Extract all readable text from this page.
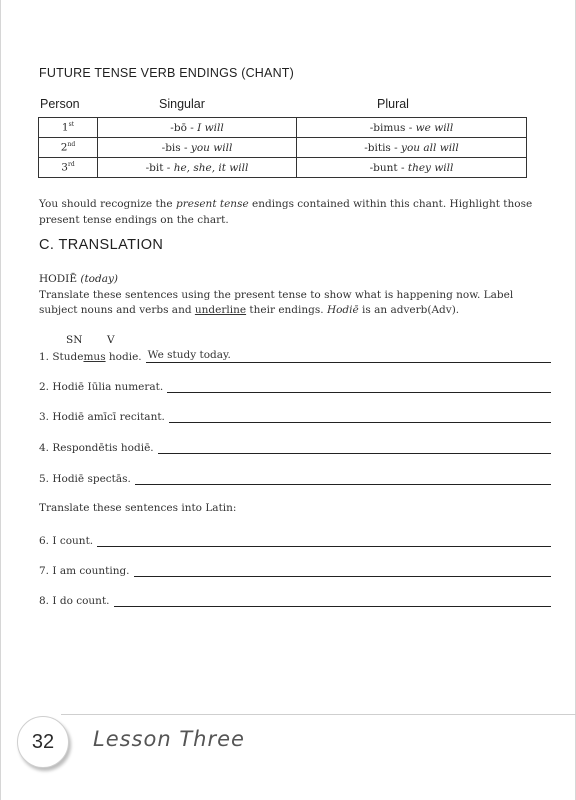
FUTURE TENSE VERB ENDINGS (CHANT)
Person	Singular	Plural
1st	-bō - I will	-bimus - we will
2nd	-bis - you will	-bitis - you all will
3rd	-bit - he, she, it will	-bunt - they will
You should recognize the present tense endings contained within this chant. Highlight those present tense endings on the chart.
C. TRANSLATION
HODIĒ (today)
Translate these sentences using the present tense to show what is happening now. Label subject nouns and verbs and underline their endings. Hodiē is an adverb(Adv).
SN V
1. Studemus hodie. We study today.
2. Hodiē Iūlia numerat.
3. Hodiē amīcī recitant.
4. Respondētis hodiē.
5. Hodiē spectās.
Translate these sentences into Latin:
6. I count.
7. I am counting.
8. I do count.
32 Lesson Three
